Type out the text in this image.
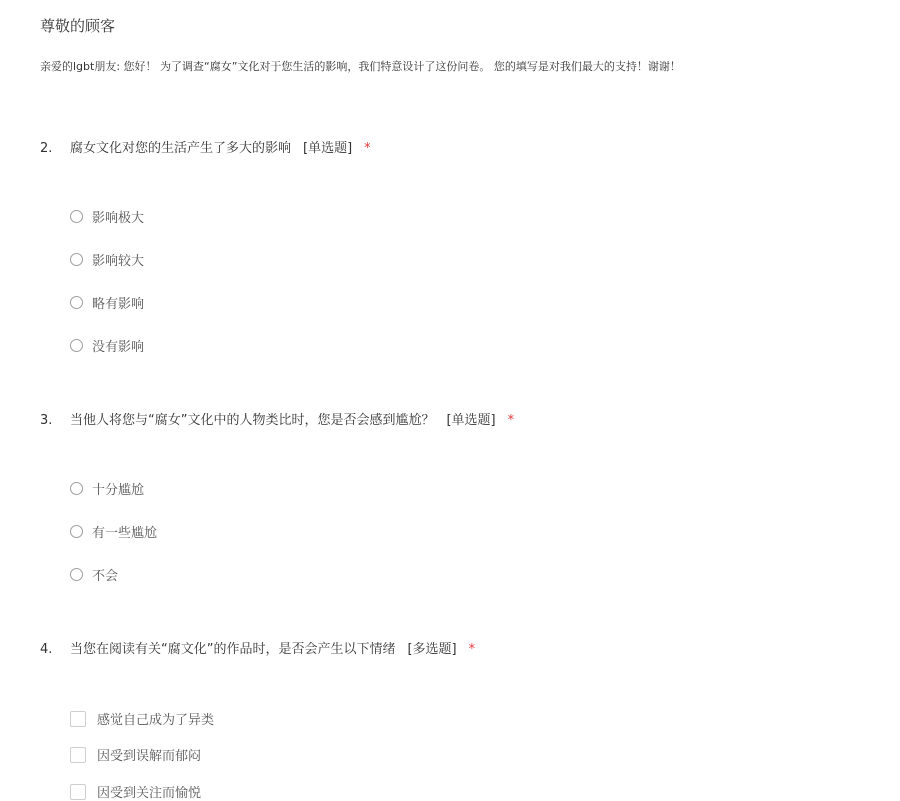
尊敬的顾客
亲爱的lgbt朋友: 您好！ 为了调查“腐女”文化对于您生活的影响，我们特意设计了这份问卷。 您的填写是对我们最大的支持！谢谢！
2. 腐女文化对您的生活产生了多大的影响 [单选题] *
影响极大
影响较大
略有影响
没有影响
3. 当他人将您与“腐女”文化中的人物类比时，您是否会感到尴尬？ [单选题] *
十分尴尬
有一些尴尬
不会
4. 当您在阅读有关“腐文化”的作品时，是否会产生以下情绪 [多选题] *
感觉自己成为了异类
因受到误解而郁闷
因受到关注而愉悦
